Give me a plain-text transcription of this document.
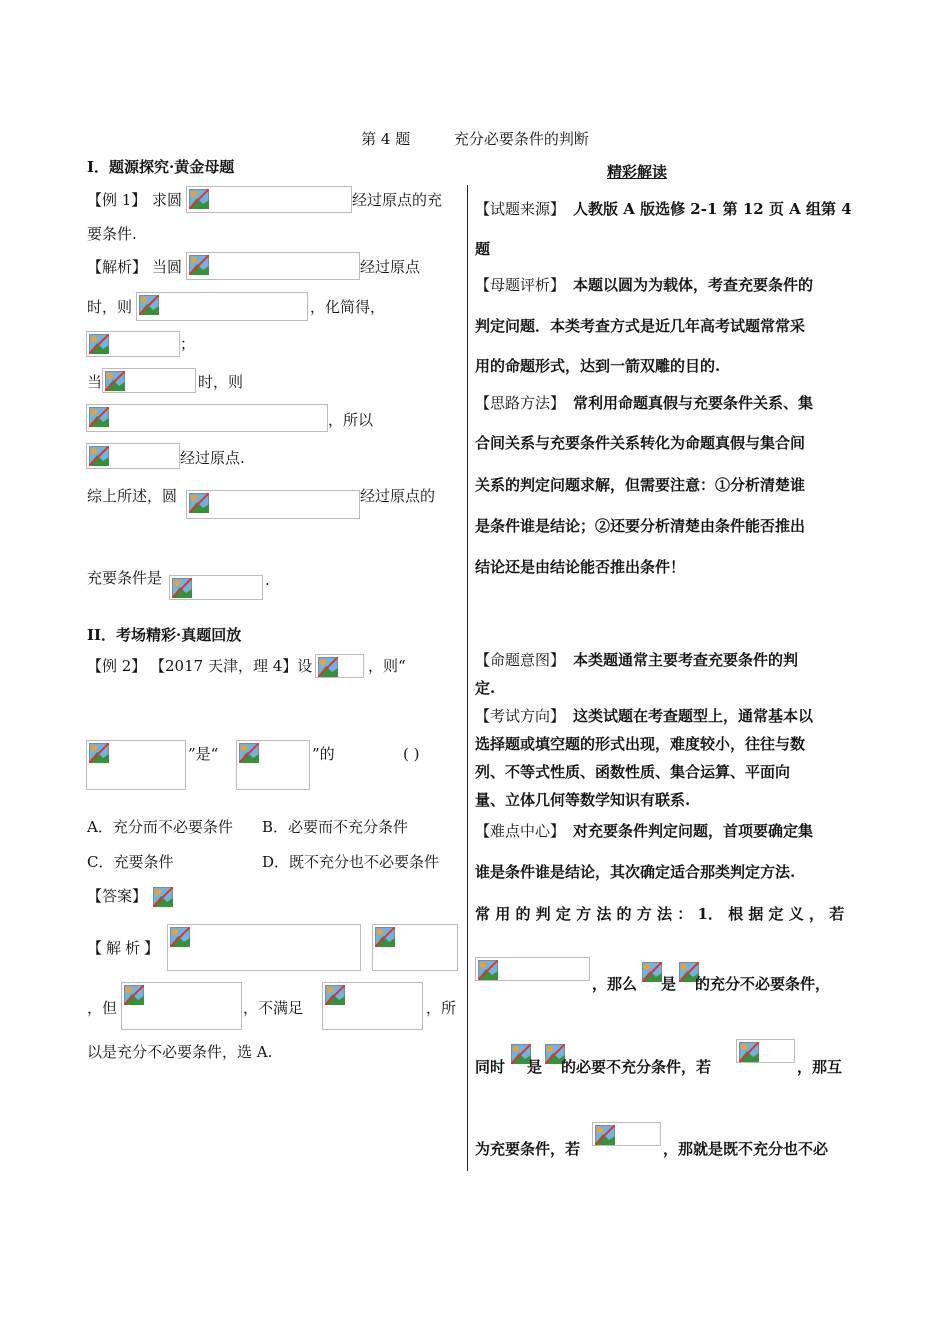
第 4 题	充分必要条件的判断
I．题源探究·黄金母题
【例 1】 求圆	经过原点的充
要条件.
【解析】 当圆	经过原点
时，则	，化简得，
；
当	时，则
，所以
经过原点.
综上所述，圆	经过原点的
充要条件是	.
II．考场精彩·真题回放
【例 2】 【2017 天津，理 4】设	，则“
”是“	”的	( )
A．充分而不必要条件 B．必要而不充分条件
C．充要条件	D．既不充分也不必要条件
【答案】
【解析】
，但	，不满足	，所
以是充分不必要条件，选 A.
精彩解读
【试题来源】 人教版 A 版选修 2-1 第 12 页 A 组第 4
题
【母题评析】 本题以圆为为载体，考查充要条件的
判定问题．本类考查方式是近几年高考试题常常采
用的命题形式，达到一箭双雕的目的.
【思路方法】 常利用命题真假与充要条件关系、集
合间关系与充要条件关系转化为命题真假与集合间
关系的判定问题求解，但需要注意：①分析清楚谁
是条件谁是结论；②还要分析清楚由条件能否推出
结论还是由结论能否推出条件！
【命题意图】 本类题通常主要考查充要条件的判
定.
【考试方向】 这类试题在考查题型上，通常基本以
选择题或填空题的形式出现，难度较小，往往与数
列、不等式性质、函数性质、集合运算、平面向
量、立体几何等数学知识有联系.
【难点中心】 对充要条件判定问题，首项要确定集
谁是条件谁是结论，其次确定适合那类判定方法.
常 用 的 判 定 方 法 的 方 法 ： 1． 根 据 定 义 ， 若
，那么 是 的充分不必要条件，
同时 是 的必要不充分条件，若	，那互
为充要条件，若	，那就是既不充分也不必
